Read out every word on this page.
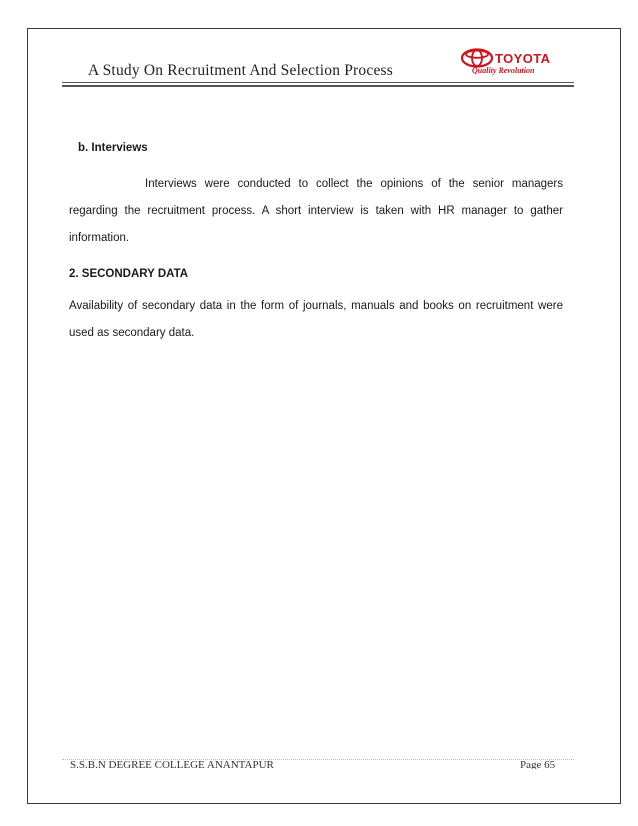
A Study On Recruitment And Selection Process
TOYOTA
Quality Revolution

b. Interviews

Interviews were conducted to collect the opinions of the senior managers regarding the recruitment process. A short interview is taken with HR manager to gather information.

2. SECONDARY DATA

Availability of secondary data in the form of journals, manuals and books on recruitment were used as secondary data.

S.S.B.N DEGREE COLLEGE ANANTAPUR	Page 65
